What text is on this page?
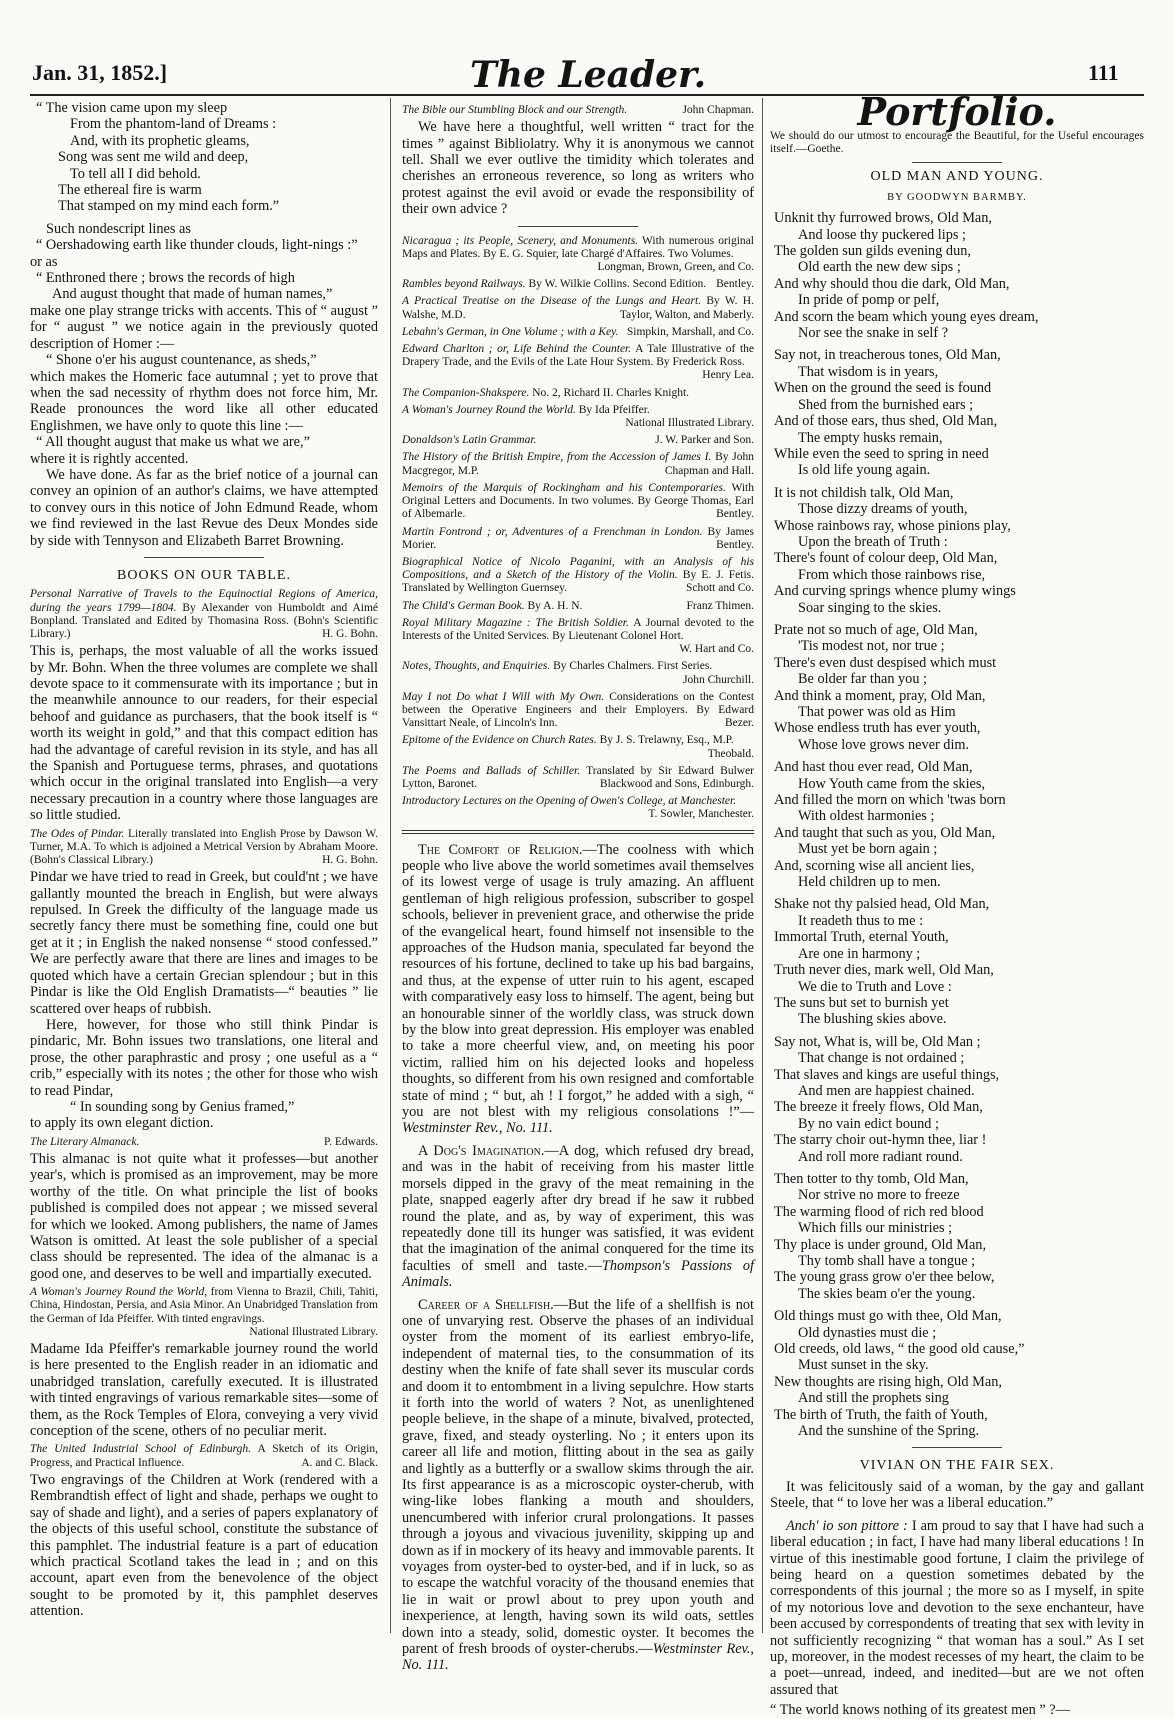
Jan. 31, 1852.]	The Leader.	111
“ The vision came upon my sleep
From the phantom-land of Dreams :
And, with its prophetic gleams,
Song was sent me wild and deep,
To tell all I did behold.
The ethereal fire is warm
That stamped on my mind each form.”

Such nondescript lines as

“ Oershadowing earth like thunder clouds, light-nings :”

or as

“ Enthroned there ; brows the records of high

And august thought that made of human names,”

make one play strange tricks with accents. This of “ august ” for “ august ” we notice again in the previously quoted description of Homer :—

“ Shone o'er his august countenance, as sheds,”

which makes the Homeric face autumnal ; yet to prove that when the sad necessity of rhythm does not force him, Mr. Reade pronounces the word like all other educated Englishmen, we have only to quote this line :—

“ All thought august that make us what we are,”

where it is rightly accented.

We have done. As far as the brief notice of a journal can convey an opinion of an author's claims, we have attempted to convey ours in this notice of John Edmund Reade, whom we find reviewed in the last Revue des Deux Mondes side by side with Tennyson and Elizabeth Barret Browning.

BOOKS ON OUR TABLE.
Personal Narrative of Travels to the Equinoctial Regions of America, during the years 1799—1804. By Alexander von Humboldt and Aimé Bonpland. Translated and Edited by Thomasina Ross. (Bohn's Scientific Library.)	H. G. Bohn.

This is, perhaps, the most valuable of all the works issued by Mr. Bohn. When the three volumes are complete we shall devote space to it commensurate with its importance ; but in the meanwhile announce to our readers, for their especial behoof and guidance as purchasers, that the book itself is “ worth its weight in gold,” and that this compact edition has had the advantage of careful revision in its style, and has all the Spanish and Portuguese terms, phrases, and quotations which occur in the original translated into English—a very necessary precaution in a country where those languages are so little studied.

The Odes of Pindar. Literally translated into English Prose by Dawson W. Turner, M.A. To which is adjoined a Metrical Version by Abraham Moore. (Bohn's Classical Library.)	H. G. Bohn.

Pindar we have tried to read in Greek, but could'nt ; we have gallantly mounted the breach in English, but were always repulsed. In Greek the difficulty of the language made us secretly fancy there must be something fine, could one but get at it ; in English the naked nonsense “ stood confessed.” We are perfectly aware that there are lines and images to be quoted which have a certain Grecian splendour ; but in this Pindar is like the Old English Dramatists—“ beauties ” lie scattered over heaps of rubbish.

Here, however, for those who still think Pindar is pindaric, Mr. Bohn issues two translations, one literal and prose, the other paraphrastic and prosy ; one useful as a “ crib,” especially with its notes ; the other for those who wish to read Pindar,

“ In sounding song by Genius framed,”

to apply its own elegant diction.

The Literary Almanack.	P. Edwards.

This almanac is not quite what it professes—but another year's, which is promised as an improvement, may be more worthy of the title. On what principle the list of books published is compiled does not appear ; we missed several for which we looked. Among publishers, the name of James Watson is omitted. At least the sole publisher of a special class should be represented. The idea of the almanac is a good one, and deserves to be well and impartially executed.

A Woman's Journey Round the World, from Vienna to Brazil, Chili, Tahiti, China, Hindostan, Persia, and Asia Minor. An Unabridged Translation from the German of Ida Pfeiffer. With tinted engravings.
National Illustrated Library.

Madame Ida Pfeiffer's remarkable journey round the world is here presented to the English reader in an idiomatic and unabridged translation, carefully executed. It is illustrated with tinted engravings of various remarkable sites—some of them, as the Rock Temples of Elora, conveying a very vivid conception of the scene, others of no peculiar merit.

The United Industrial School of Edinburgh. A Sketch of its Origin, Progress, and Practical Influence.	A. and C. Black.

Two engravings of the Children at Work (rendered with a Rembrandtish effect of light and shade, perhaps we ought to say of shade and light), and a series of papers explanatory of the objects of this useful school, constitute the substance of this pamphlet. The industrial feature is a part of education which practical Scotland takes the lead in ; and on this account, apart even from the benevolence of the object sought to be promoted by it, this pamphlet deserves attention.

The Bible our Stumbling Block and our Strength.	John Chapman.

We have here a thoughtful, well written “ tract for the times ” against Bibliolatry. Why it is anonymous we cannot tell. Shall we ever outlive the timidity which tolerates and cherishes an erroneous reverence, so long as writers who protest against the evil avoid or evade the responsibility of their own advice ?

Nicaragua ; its People, Scenery, and Monuments. With numerous original Maps and Plates. By E. G. Squier, late Chargé d'Affaires. Two Volumes.
Longman, Brown, Green, and Co.
Rambles beyond Railways. By W. Wilkie Collins. Second Edition. Bentley.
A Practical Treatise on the Disease of the Lungs and Heart. By W. H. Walshe, M.D.	Taylor, Walton, and Maberly.
Lebahn's German, in One Volume ; with a Key. Simpkin, Marshall, and Co.
Edward Charlton ; or, Life Behind the Counter. A Tale Illustrative of the Drapery Trade, and the Evils of the Late Hour System. By Frederick Ross.
Henry Lea.
The Companion-Shakspere. No. 2, Richard II. Charles Knight.
A Woman's Journey Round the World. By Ida Pfeiffer.
National Illustrated Library.
Donaldson's Latin Grammar.	J. W. Parker and Son.
The History of the British Empire, from the Accession of James I. By John Macgregor, M.P.	Chapman and Hall.
Memoirs of the Marquis of Rockingham and his Contemporaries. With Original Letters and Documents. In two volumes. By George Thomas, Earl of Albemarle.	Bentley.
Martin Fontrond ; or, Adventures of a Frenchman in London. By James Morier.	Bentley.
Biographical Notice of Nicolo Paganini, with an Analysis of his Compositions, and a Sketch of the History of the Violin. By E. J. Fetis. Translated by Wellington Guernsey.	Schott and Co.
The Child's German Book. By A. H. N.	Franz Thimen.
Royal Military Magazine : The British Soldier. A Journal devoted to the Interests of the United Services. By Lieutenant Colonel Hort.
W. Hart and Co.
Notes, Thoughts, and Enquiries. By Charles Chalmers. First Series.
John Churchill.
May I not Do what I Will with My Own. Considerations on the Contest between the Operative Engineers and their Employers. By Edward Vansittart Neale, of Lincoln's Inn.	Bezer.
Epitome of the Evidence on Church Rates. By J. S. Trelawny, Esq., M.P.
Theobald.
The Poems and Ballads of Schiller. Translated by Sir Edward Bulwer Lytton, Baronet.	Blackwood and Sons, Edinburgh.
Introductory Lectures on the Opening of Owen's College, at Manchester.
T. Sowler, Manchester.

The Comfort of Religion.—The coolness with which people who live above the world sometimes avail themselves of its lowest verge of usage is truly amazing. An affluent gentleman of high religious profession, subscriber to gospel schools, believer in prevenient grace, and otherwise the pride of the evangelical heart, found himself not insensible to the approaches of the Hudson mania, speculated far beyond the resources of his fortune, declined to take up his bad bargains, and thus, at the expense of utter ruin to his agent, escaped with comparatively easy loss to himself. The agent, being but an honourable sinner of the worldly class, was struck down by the blow into great depression. His employer was enabled to take a more cheerful view, and, on meeting his poor victim, rallied him on his dejected looks and hopeless thoughts, so different from his own resigned and comfortable state of mind ; “ but, ah ! I forgot,” he added with a sigh, “ you are not blest with my religious consolations !”—Westminster Rev., No. 111.

A Dog's Imagination.—A dog, which refused dry bread, and was in the habit of receiving from his master little morsels dipped in the gravy of the meat remaining in the plate, snapped eagerly after dry bread if he saw it rubbed round the plate, and as, by way of experiment, this was repeatedly done till its hunger was satisfied, it was evident that the imagination of the animal conquered for the time its faculties of smell and taste.—Thompson's Passions of Animals.

Career of a Shellfish.—But the life of a shellfish is not one of unvarying rest. Observe the phases of an individual oyster from the moment of its earliest embryo-life, independent of maternal ties, to the consummation of its destiny when the knife of fate shall sever its muscular cords and doom it to entombment in a living sepulchre. How starts it forth into the world of waters ? Not, as unenlightened people believe, in the shape of a minute, bivalved, protected, grave, fixed, and steady oysterling. No ; it enters upon its career all life and motion, flitting about in the sea as gaily and lightly as a butterfly or a swallow skims through the air. Its first appearance is as a microscopic oyster-cherub, with wing-like lobes flanking a mouth and shoulders, unencumbered with inferior crural prolongations. It passes through a joyous and vivacious juvenility, skipping up and down as if in mockery of its heavy and immovable parents. It voyages from oyster-bed to oyster-bed, and if in luck, so as to escape the watchful voracity of the thousand enemies that lie in wait or prowl about to prey upon youth and inexperience, at length, having sown its wild oats, settles down into a steady, solid, domestic oyster. It becomes the parent of fresh broods of oyster-cherubs.—Westminster Rev., No. 111.

Portfolio.
We should do our utmost to encourage the Beautiful, for the Useful encourages itself.—Goethe.
OLD MAN AND YOUNG.
BY GOODWYN BARMBY.
Unknit thy furrowed brows, Old Man,
And loose thy puckered lips ;
The golden sun gilds evening dun,
Old earth the new dew sips ;
And why should thou die dark, Old Man,
In pride of pomp or pelf,
And scorn the beam which young eyes dream,
Nor see the snake in self ?
Say not, in treacherous tones, Old Man,
That wisdom is in years,
When on the ground the seed is found
Shed from the burnished ears ;
And of those ears, thus shed, Old Man,
The empty husks remain,
While even the seed to spring in need
Is old life young again.
It is not childish talk, Old Man,
Those dizzy dreams of youth,
Whose rainbows ray, whose pinions play,
Upon the breath of Truth :
There's fount of colour deep, Old Man,
From which those rainbows rise,
And curving springs whence plumy wings
Soar singing to the skies.
Prate not so much of age, Old Man,
'Tis modest not, nor true ;
There's even dust despised which must
Be older far than you ;
And think a moment, pray, Old Man,
That power was old as Him
Whose endless truth has ever youth,
Whose love grows never dim.
And hast thou ever read, Old Man,
How Youth came from the skies,
And filled the morn on which 'twas born
With oldest harmonies ;
And taught that such as you, Old Man,
Must yet be born again ;
And, scorning wise all ancient lies,
Held children up to men.
Shake not thy palsied head, Old Man,
It readeth thus to me :
Immortal Truth, eternal Youth,
Are one in harmony ;
Truth never dies, mark well, Old Man,
We die to Truth and Love :
The suns but set to burnish yet
The blushing skies above.
Say not, What is, will be, Old Man ;
That change is not ordained ;
That slaves and kings are useful things,
And men are happiest chained.
The breeze it freely flows, Old Man,
By no vain edict bound ;
The starry choir out-hymn thee, liar !
And roll more radiant round.
Then totter to thy tomb, Old Man,
Nor strive no more to freeze
The warming flood of rich red blood
Which fills our ministries ;
Thy place is under ground, Old Man,
Thy tomb shall have a tongue ;
The young grass grow o'er thee below,
The skies beam o'er the young.
Old things must go with thee, Old Man,
Old dynasties must die ;
Old creeds, old laws, “ the good old cause,”
Must sunset in the sky.
New thoughts are rising high, Old Man,
And still the prophets sing
The birth of Truth, the faith of Youth,
And the sunshine of the Spring.
VIVIAN ON THE FAIR SEX.

It was felicitously said of a woman, by the gay and gallant Steele, that “ to love her was a liberal education.”

Anch' io son pittore : I am proud to say that I have had such a liberal education ; in fact, I have had many liberal educations ! In virtue of this inestimable good fortune, I claim the privilege of being heard on a question sometimes debated by the correspondents of this journal ; the more so as I myself, in spite of my notorious love and devotion to the sexe enchanteur, have been accused by correspondents of treating that sex with levity in not sufficiently recognizing “ that woman has a soul.” As I set up, moreover, in the modest recesses of my heart, the claim to be a poet—unread, indeed, and inedited—but are we not often assured that

“ The world knows nothing of its greatest men ” ?—
